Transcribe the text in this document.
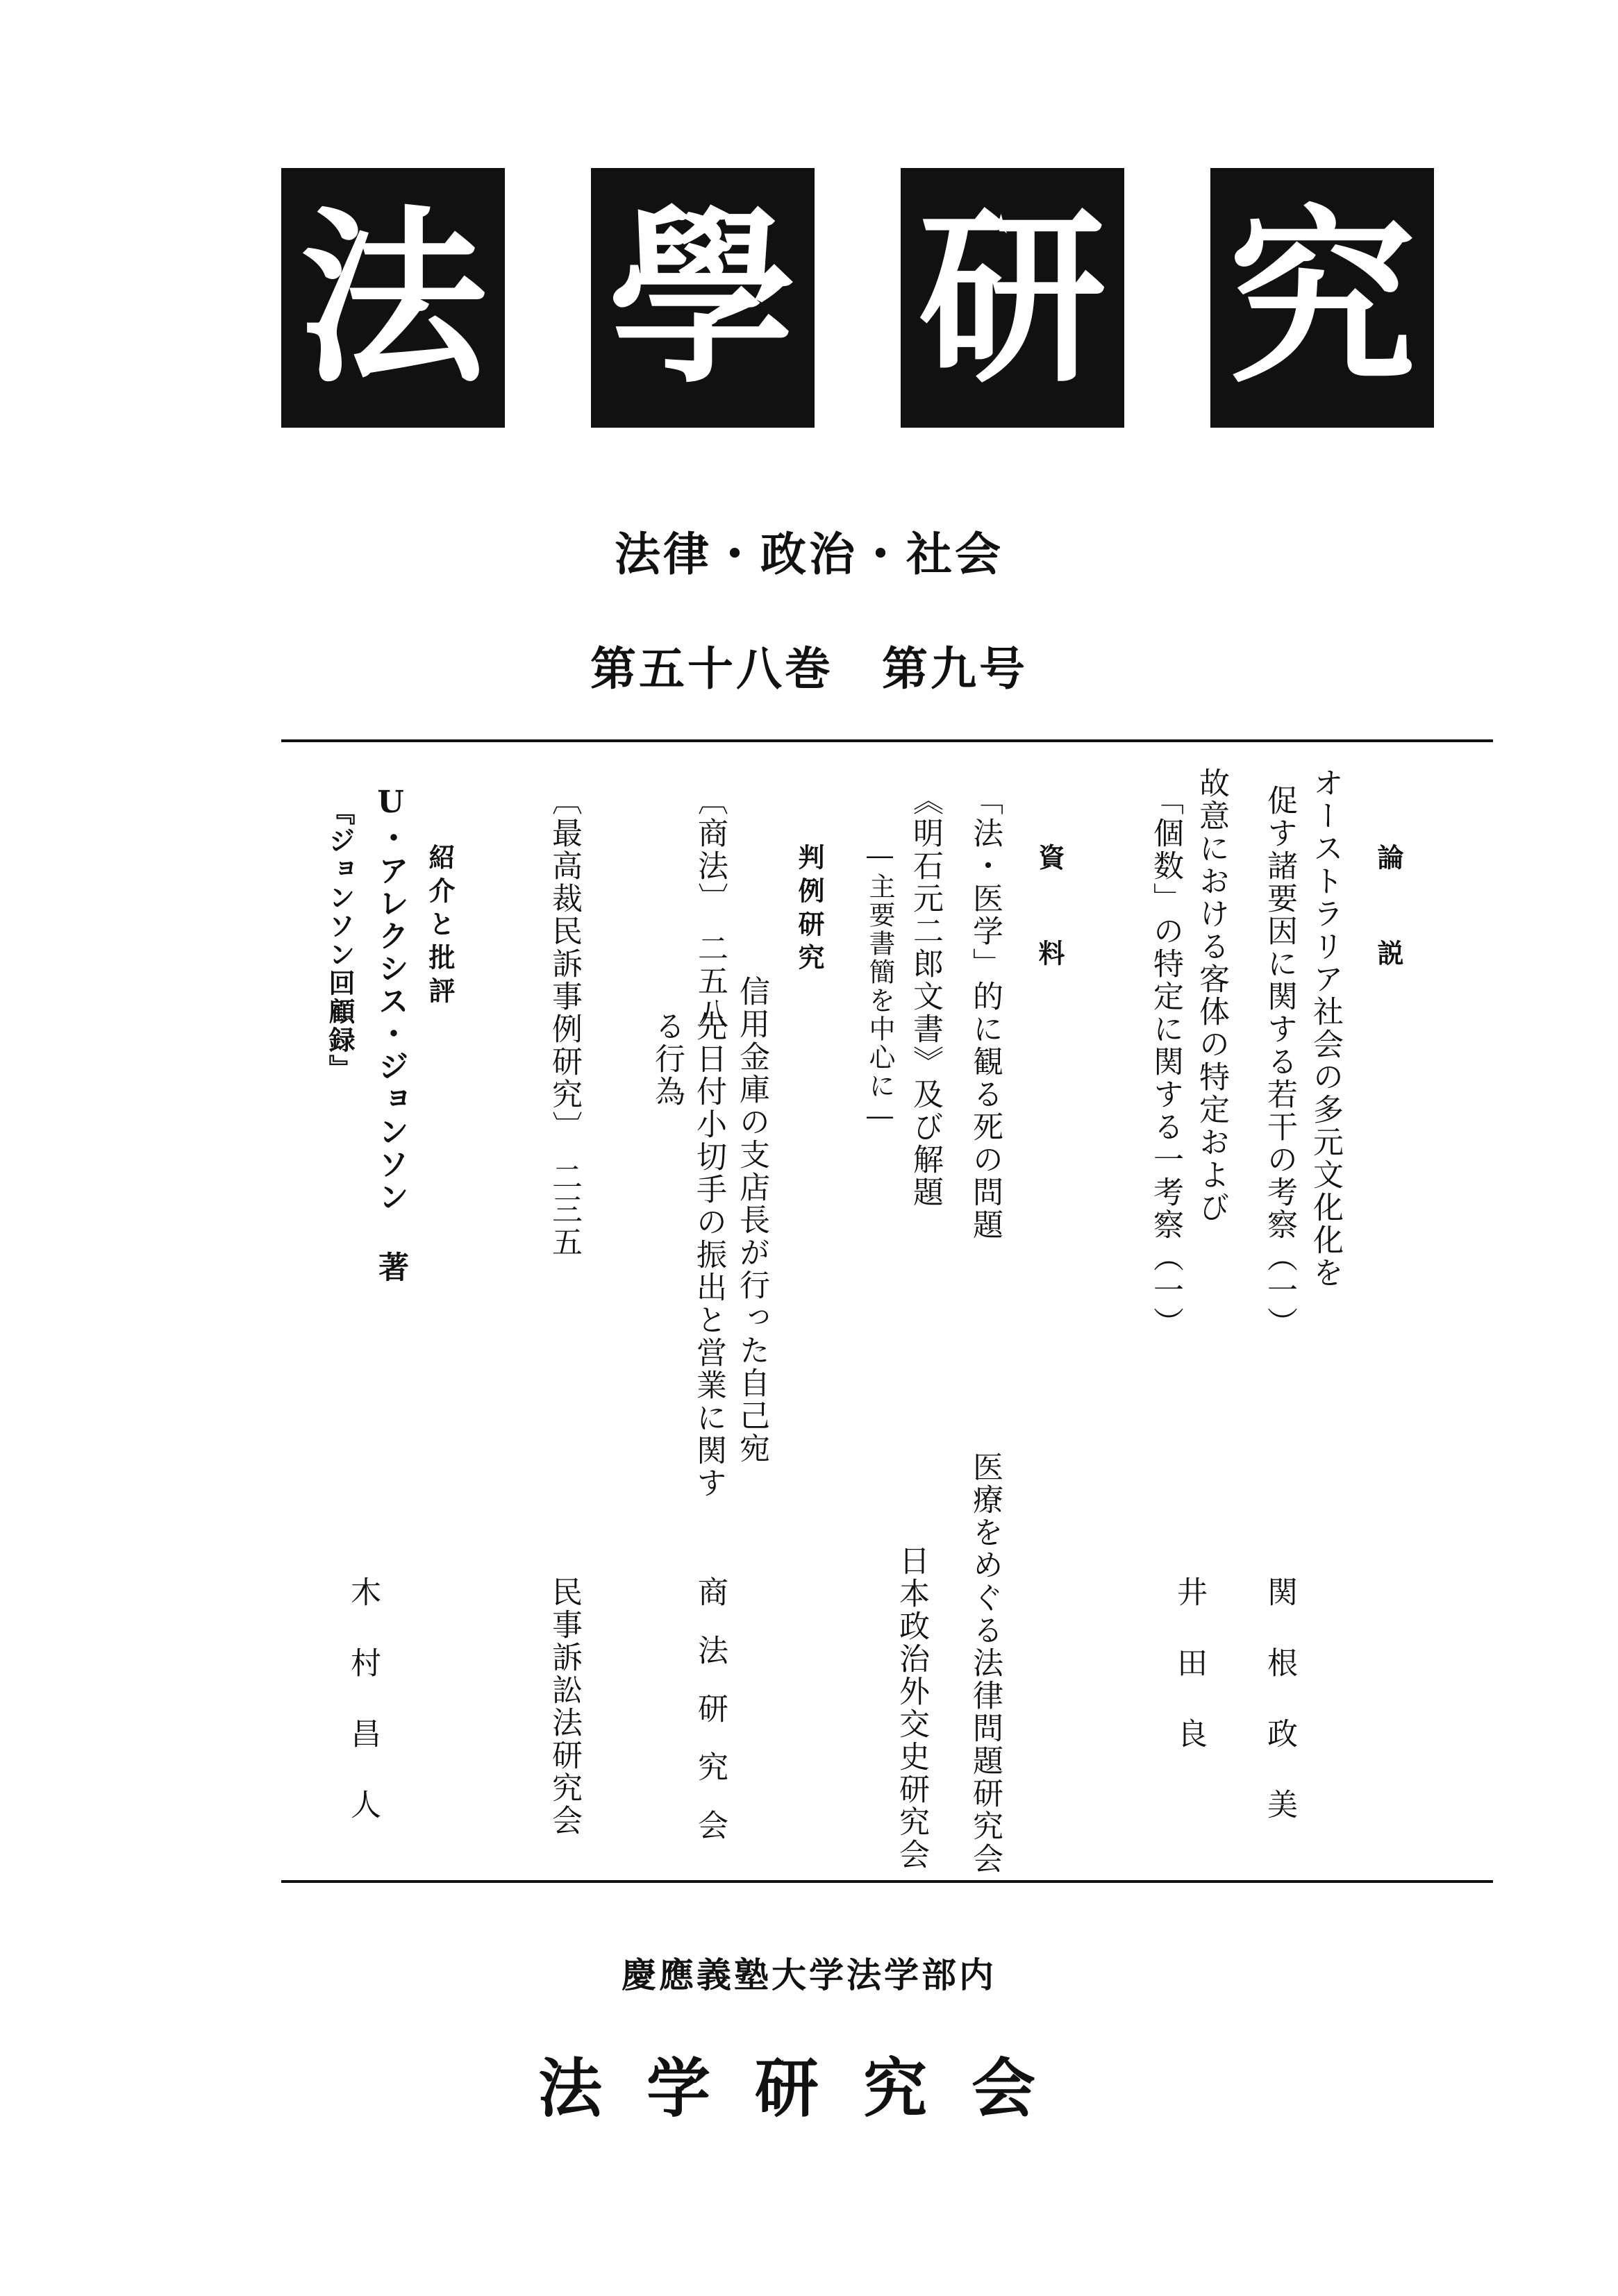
法 學 研 究
法律・政治・社会
第五十八巻　第九号
論説
オーストラリア社会の多元文化化を
促す諸要因に関する若干の考察（一）
関根政美
故意における客体の特定および
「個数」の特定に関する一考察（一）
井田良
資料
「法・医学」的に観る死の問題
医療をめぐる法律問題研究会
《明石元二郎文書》及び解題
―主要書簡を中心に―
日本政治外交史研究会
判例研究
〔商法〕　二五八
信用金庫の支店長が行った自己宛
先日付小切手の振出と営業に関す
る行為
商法研究会
〔最高裁民訴事例研究〕　二三五
民事訴訟法研究会
紹介と批評
U・アレクシス・ジョンソン 著
『ジョンソン回顧録』
木村昌人
慶應義塾大学法学部内
法学研究会
